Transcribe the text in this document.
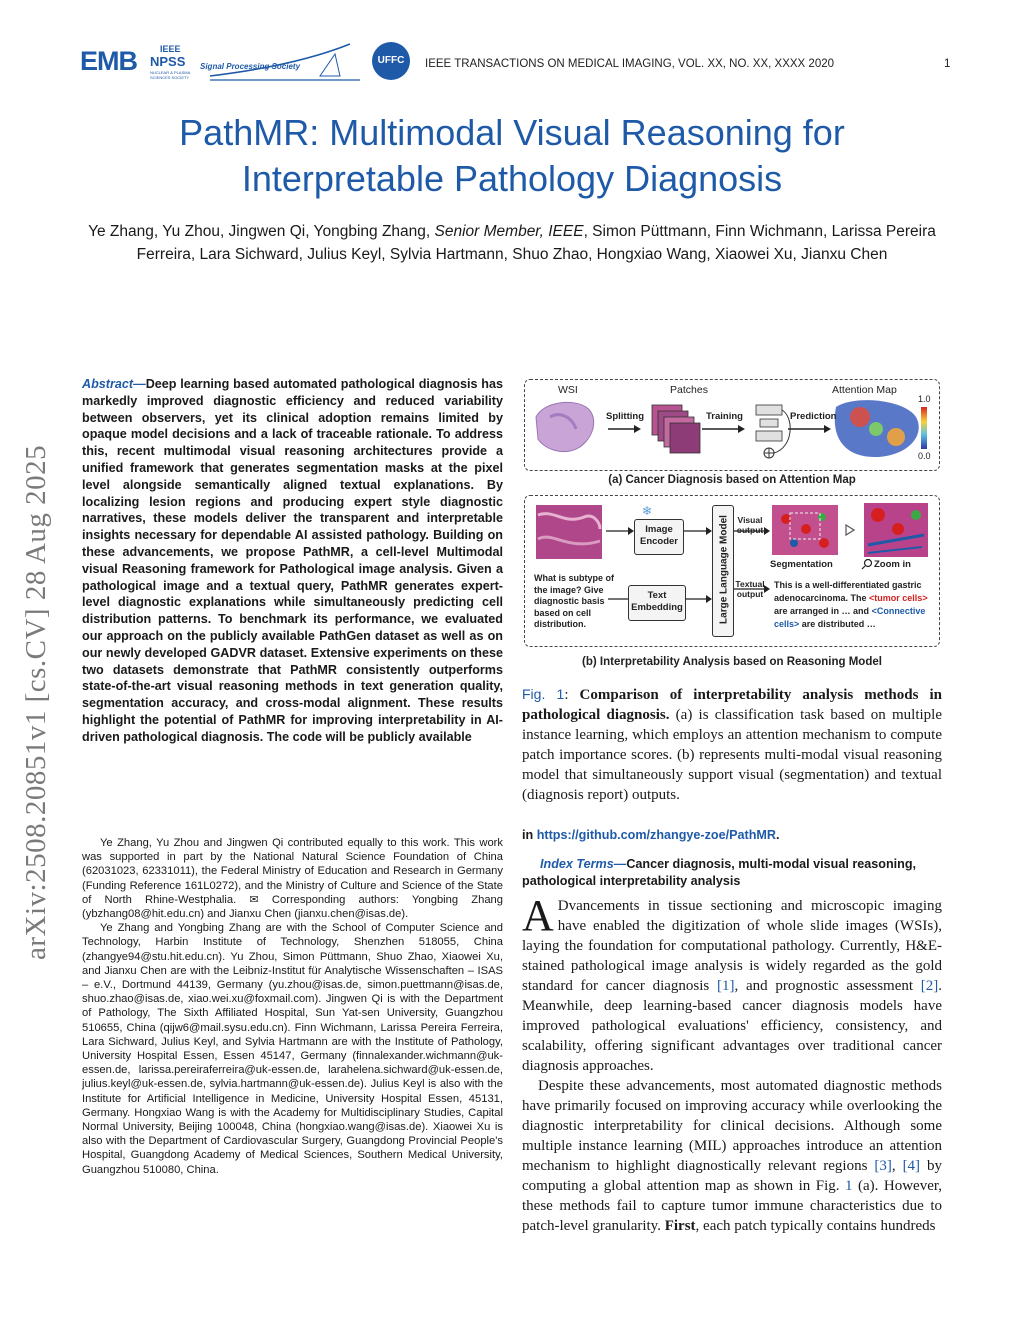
EMB	IEEE
NPSS
NUCLEAR & PLASMA SCIENCES SOCIETY
Signal Processing Society
UFFC	IEEE TRANSACTIONS ON MEDICAL IMAGING, VOL. XX, NO. XX, XXXX 2020	1
PathMR: Multimodal Visual Reasoning for
Interpretable Pathology Diagnosis
Ye Zhang, Yu Zhou, Jingwen Qi, Yongbing Zhang, Senior Member, IEEE, Simon Püttmann, Finn Wichmann, Larissa Pereira Ferreira, Lara Sichward, Julius Keyl, Sylvia Hartmann, Shuo Zhao, Hongxiao Wang, Xiaowei Xu, Jianxu Chen
arXiv:2508.20851v1 [cs.CV] 28 Aug 2025
Abstract—Deep learning based automated pathological diagnosis has markedly improved diagnostic efficiency and reduced variability between observers, yet its clinical adoption remains limited by opaque model decisions and a lack of traceable rationale. To address this, recent multimodal visual reasoning architectures provide a unified framework that generates segmentation masks at the pixel level alongside semantically aligned textual explanations. By localizing lesion regions and producing expert style diagnostic narratives, these models deliver the transparent and interpretable insights necessary for dependable AI assisted pathology. Building on these advancements, we propose PathMR, a cell-level Multimodal visual Reasoning framework for Pathological image analysis. Given a pathological image and a textual query, PathMR generates expert-level diagnostic explanations while simultaneously predicting cell distribution patterns. To benchmark its performance, we evaluated our approach on the publicly available PathGen dataset as well as on our newly developed GADVR dataset. Extensive experiments on these two datasets demonstrate that PathMR consistently outperforms state-of-the-art visual reasoning methods in text generation quality, segmentation accuracy, and cross-modal alignment. These results highlight the potential of PathMR for improving interpretability in AI-driven pathological diagnosis. The code will be publicly available

Ye Zhang, Yu Zhou and Jingwen Qi contributed equally to this work. This work was supported in part by the National Natural Science Foundation of China (62031023, 62331011), the Federal Ministry of Education and Research in Germany (Funding Reference 161L0272), and the Ministry of Culture and Science of the State of North Rhine-Westphalia. ✉ Corresponding authors: Yongbing Zhang (ybzhang08@hit.edu.cn) and Jianxu Chen (jianxu.chen@isas.de).

Ye Zhang and Yongbing Zhang are with the School of Computer Science and Technology, Harbin Institute of Technology, Shenzhen 518055, China (zhangye94@stu.hit.edu.cn). Yu Zhou, Simon Püttmann, Shuo Zhao, Xiaowei Xu, and Jianxu Chen are with the Leibniz-Institut für Analytische Wissenschaften – ISAS – e.V., Dortmund 44139, Germany (yu.zhou@isas.de, simon.puettmann@isas.de, shuo.zhao@isas.de, xiao.wei.xu@foxmail.com). Jingwen Qi is with the Department of Pathology, The Sixth Affiliated Hospital, Sun Yat-sen University, Guangzhou 510655, China (qijw6@mail.sysu.edu.cn). Finn Wichmann, Larissa Pereira Ferreira, Lara Sichward, Julius Keyl, and Sylvia Hartmann are with the Institute of Pathology, University Hospital Essen, Essen 45147, Germany (finnalexander.wichmann@uk-essen.de, larissa.pereiraferreira@uk-essen.de, larahelena.sichward@uk-essen.de, julius.keyl@uk-essen.de, sylvia.hartmann@uk-essen.de). Julius Keyl is also with the Institute for Artificial Intelligence in Medicine, University Hospital Essen, 45131, Germany. Hongxiao Wang is with the Academy for Multidisciplinary Studies, Capital Normal University, Beijing 100048, China (hongxiao.wang@isas.de). Xiaowei Xu is also with the Department of Cardiovascular Surgery, Guangdong Provincial People's Hospital, Guangdong Academy of Medical Sciences, Southern Medical University, Guangzhou 510080, China.

WSI	Patches	Attention Map
Splitting	Training	Prediction
1.0
0.0
(a) Cancer Diagnosis based on Attention Map
❄
Image Encoder
Text Embedding	Large Language Model
What is subtype of the image? Give diagnostic basis based on cell distribution.
Visual output
Textual output
Segmentation	Zoom in
This is a well-differentiated gastric adenocarcinoma. The <tumor cells> are arranged in … and <Connective cells> are distributed …
(b) Interpretability Analysis based on Reasoning Model
Fig. 1: Comparison of interpretability analysis methods in pathological diagnosis. (a) is classification task based on multiple instance learning, which employs an attention mechanism to compute patch importance scores. (b) represents multi-modal visual reasoning model that simultaneously support visual (segmentation) and textual (diagnosis report) outputs.
in https://github.com/zhangye-zoe/PathMR.
Index Terms—Cancer diagnosis, multi-modal visual reasoning, pathological interpretability analysis

A Dvancements in tissue sectioning and microscopic imaging have enabled the digitization of whole slide images (WSIs), laying the foundation for computational pathology. Currently, H&E-stained pathological image analysis is widely regarded as the gold standard for cancer diagnosis [1], and prognostic assessment [2]. Meanwhile, deep learning-based cancer diagnosis models have improved pathological evaluations' efficiency, consistency, and scalability, offering significant advantages over traditional cancer diagnosis approaches.

Despite these advancements, most automated diagnostic methods have primarily focused on improving accuracy while overlooking the diagnostic interpretability for clinical decisions. Although some multiple instance learning (MIL) approaches introduce an attention mechanism to highlight diagnostically relevant regions [3], [4] by computing a global attention map as shown in Fig. 1 (a). However, these methods fail to capture tumor immune characteristics due to patch-level granularity. First, each patch typically contains hundreds
